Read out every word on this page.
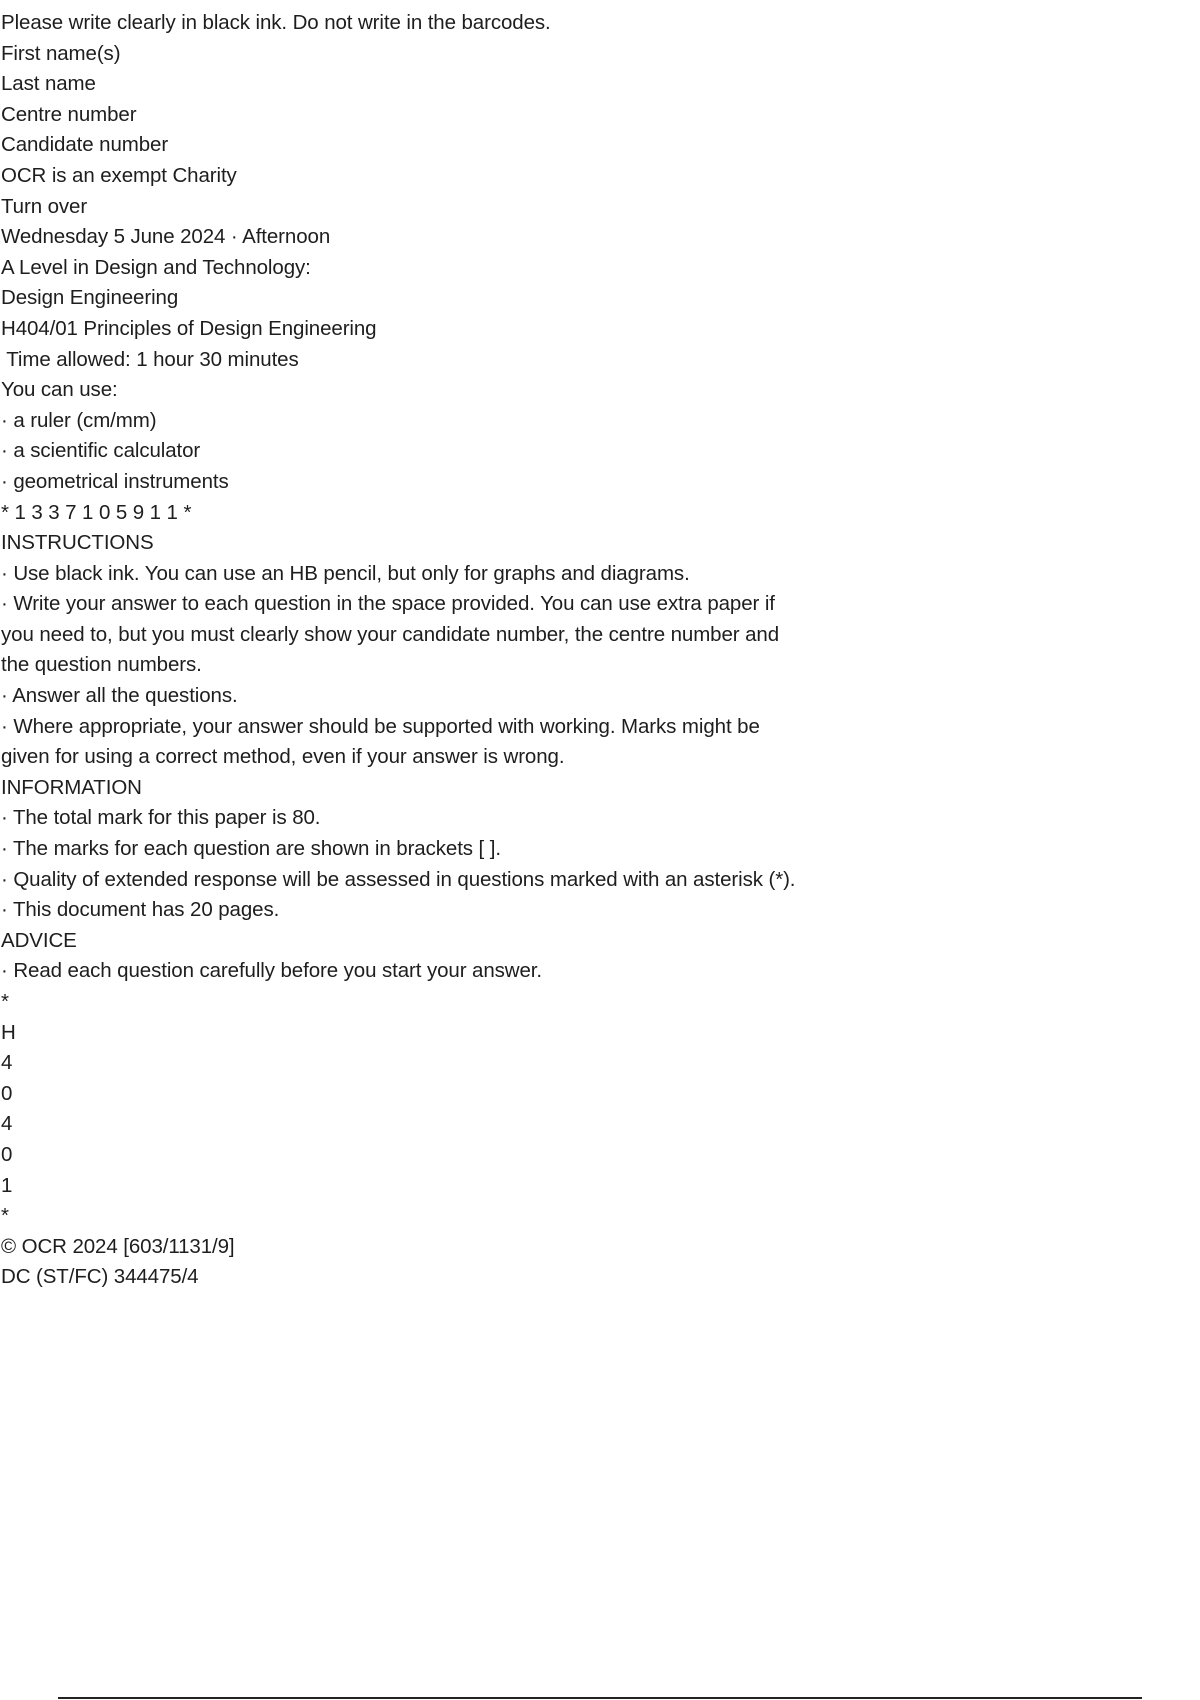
Please write clearly in black ink. Do not write in the barcodes.
First name(s)
Last name
Centre number
Candidate number
OCR is an exempt Charity
Turn over
Wednesday 5 June 2024 · Afternoon
A Level in Design and Technology:
Design Engineering
H404/01 Principles of Design Engineering
Time allowed: 1 hour 30 minutes
You can use:
· a ruler (cm/mm)
· a scientific calculator
· geometrical instruments
* 1 3 3 7 1 0 5 9 1 1 *
INSTRUCTIONS
· Use black ink. You can use an HB pencil, but only for graphs and diagrams.
· Write your answer to each question in the space provided. You can use extra paper if
you need to, but you must clearly show your candidate number, the centre number and
the question numbers.
· Answer all the questions.
· Where appropriate, your answer should be supported with working. Marks might be
given for using a correct method, even if your answer is wrong.
INFORMATION
· The total mark for this paper is 80.
· The marks for each question are shown in brackets [ ].
· Quality of extended response will be assessed in questions marked with an asterisk (*).
· This document has 20 pages.
ADVICE
· Read each question carefully before you start your answer.
*
H
4
0
4
0
1
*
© OCR 2024 [603/1131/9]
DC (ST/FC) 344475/4
